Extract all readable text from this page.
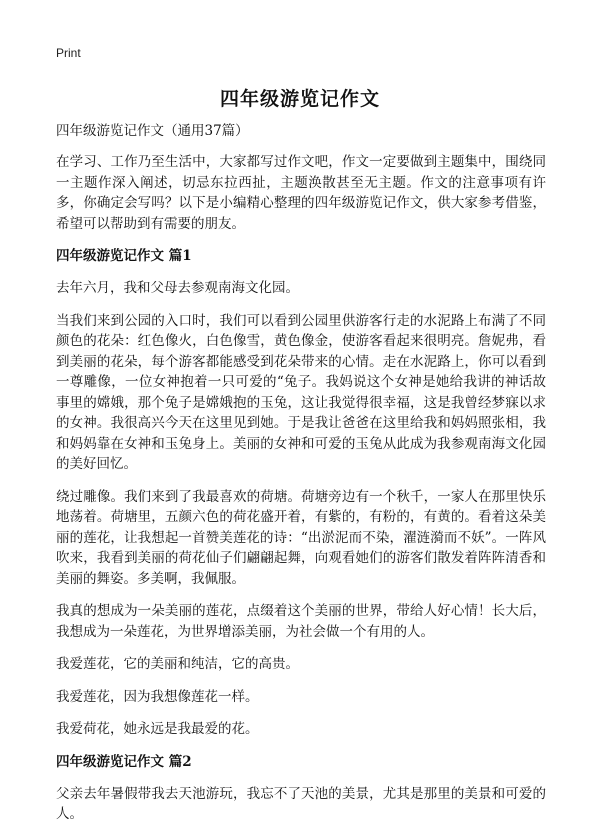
Print
四年级游览记作文

四年级游览记作文（通用37篇）

在学习、工作乃至生活中，大家都写过作文吧，作文一定要做到主题集中，围绕同一主题作深入阐述，切忌东拉西扯，主题涣散甚至无主题。作文的注意事项有许多，你确定会写吗？以下是小编精心整理的四年级游览记作文，供大家参考借鉴，希望可以帮助到有需要的朋友。

四年级游览记作文 篇1

去年六月，我和父母去参观南海文化园。

当我们来到公园的入口时，我们可以看到公园里供游客行走的水泥路上布满了不同颜色的花朵：红色像火，白色像雪，黄色像金，使游客看起来很明亮。詹妮弗，看到美丽的花朵，每个游客都能感受到花朵带来的心情。走在水泥路上，你可以看到一尊雕像，一位女神抱着一只可爱的“兔子。我妈说这个女神是她给我讲的神话故事里的嫦娥，那个兔子是嫦娥抱的玉兔，这让我觉得很幸福，这是我曾经梦寐以求的女神。我很高兴今天在这里见到她。于是我让爸爸在这里给我和妈妈照张相，我和妈妈靠在女神和玉兔身上。美丽的女神和可爱的玉兔从此成为我参观南海文化园的美好回忆。

绕过雕像。我们来到了我最喜欢的荷塘。荷塘旁边有一个秋千，一家人在那里快乐地荡着。荷塘里，五颜六色的荷花盛开着，有紫的，有粉的，有黄的。看着这朵美丽的莲花，让我想起一首赞美莲花的诗：“出淤泥而不染，濯涟漪而不妖”。一阵风吹来，我看到美丽的荷花仙子们翩翩起舞，向观看她们的游客们散发着阵阵清香和美丽的舞姿。多美啊，我佩服。

我真的想成为一朵美丽的莲花，点缀着这个美丽的世界，带给人好心情！长大后，我想成为一朵莲花，为世界增添美丽，为社会做一个有用的人。

我爱莲花，它的美丽和纯洁，它的高贵。

我爱莲花，因为我想像莲花一样。

我爱荷花，她永远是我最爱的花。

四年级游览记作文 篇2

父亲去年暑假带我去天池游玩，我忘不了天池的美景，尤其是那里的美景和可爱的人。
